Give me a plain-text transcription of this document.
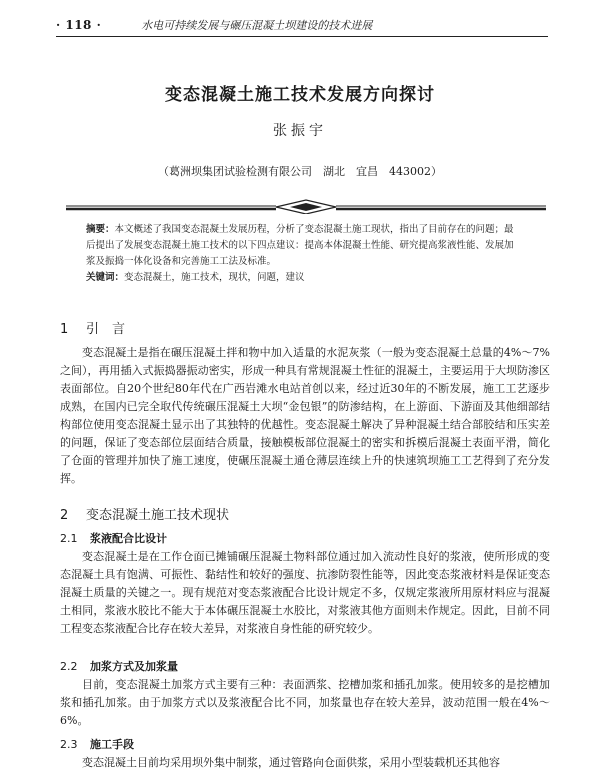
· 118 ·	水电可持续发展与碾压混凝土坝建设的技术进展
变态混凝土施工技术发展方向探讨
张振宇
（葛洲坝集团试验检测有限公司　湖北　宜昌　443002）

摘要：本文概述了我国变态混凝土发展历程，分析了变态混凝土施工现状，指出了目前存在的问题；最后提出了发展变态混凝土施工技术的以下四点建议：提高本体混凝土性能、研究提高浆液性能、发展加浆及振捣一体化设备和完善施工工法及标准。

关键词：变态混凝土，施工技术，现状，问题，建议

1 引　言

变态混凝土是指在碾压混凝土拌和物中加入适量的水泥灰浆（一般为变态混凝土总量的4%～7%之间），再用插入式振捣器振动密实，形成一种具有常规混凝土性征的混凝土，主要运用于大坝防渗区表面部位。自20个世纪80年代在广西岩滩水电站首创以来，经过近30年的不断发展，施工工艺逐步成熟，在国内已完全取代传统碾压混凝土大坝“金包银”的防渗结构，在上游面、下游面及其他细部结构部位使用变态混凝土显示出了其独特的优越性。变态混凝土解决了异种混凝土结合部胶结和压实差的问题，保证了变态部位层面结合质量，接触模板部位混凝土的密实和拆模后混凝土表面平滑，简化了仓面的管理并加快了施工速度，使碾压混凝土通仓薄层连续上升的快速筑坝施工工艺得到了充分发挥。

2 变态混凝土施工技术现状
2.1 浆液配合比设计

变态混凝土是在工作仓面已摊铺碾压混凝土物料部位通过加入流动性良好的浆液，使所形成的变态混凝土具有饱满、可振性、黏结性和较好的强度、抗渗防裂性能等，因此变态浆液材料是保证变态混凝土质量的关键之一。现有规范对变态浆液配合比设计规定不多，仅规定浆液所用原材料应与混凝土相同，浆液水胶比不能大于本体碾压混凝土水胶比，对浆液其他方面则未作规定。因此，目前不同工程变态浆液配合比存在较大差异，对浆液自身性能的研究较少。

2.2 加浆方式及加浆量

目前，变态混凝土加浆方式主要有三种：表面洒浆、挖槽加浆和插孔加浆。使用较多的是挖槽加浆和插孔加浆。由于加浆方式以及浆液配合比不同，加浆量也存在较大差异，波动范围一般在4%～6%。

2.3 施工手段

变态混凝土目前均采用坝外集中制浆，通过管路向仓面供浆，采用小型装载机还其他容
